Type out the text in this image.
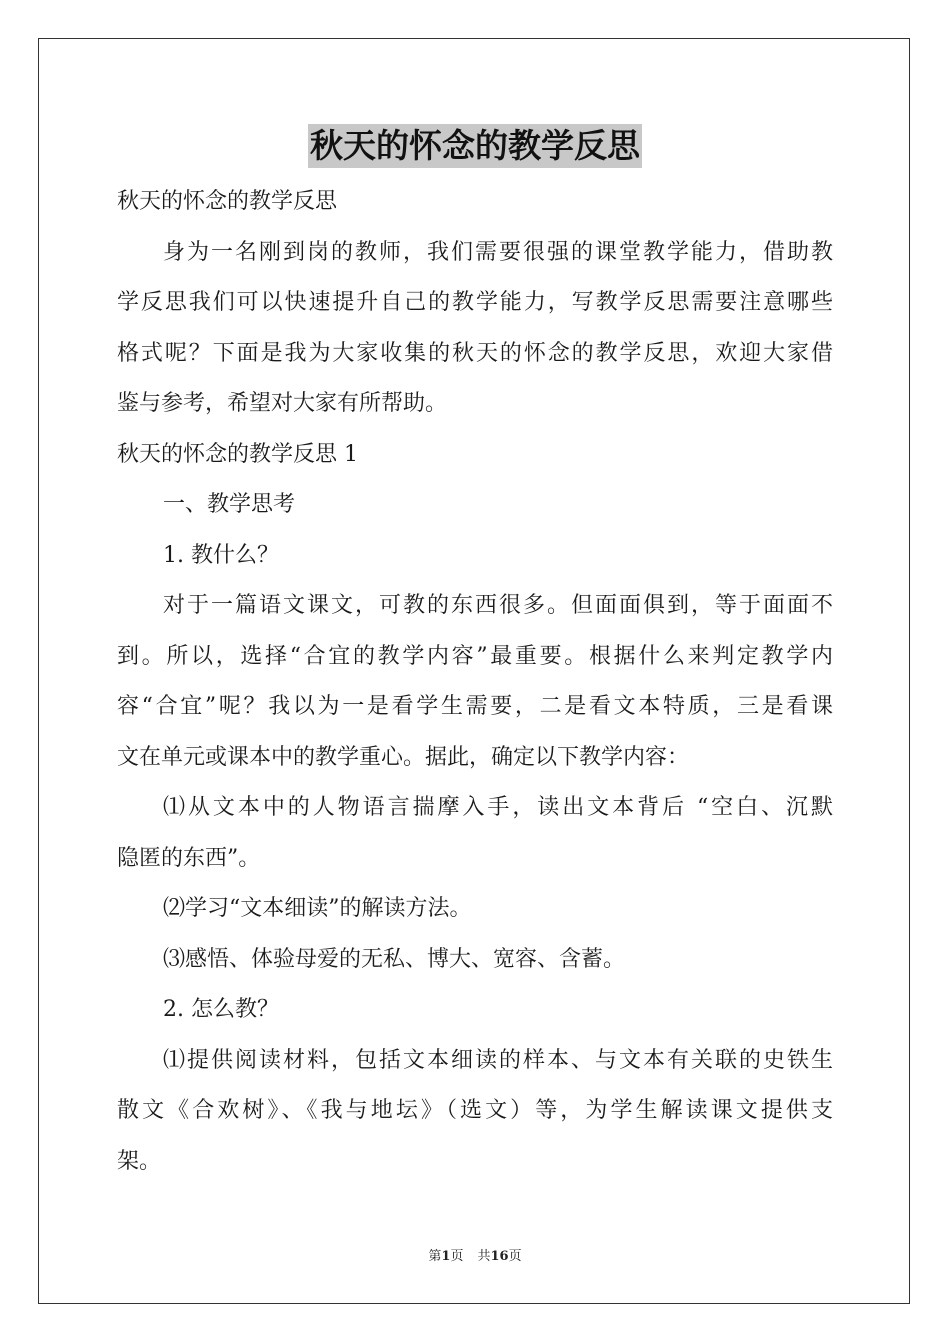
秋天的怀念的教学反思
秋天的怀念的教学反思
身为一名刚到岗的教师，我们需要很强的课堂教学能力，借助教
学反思我们可以快速提升自己的教学能力，写教学反思需要注意哪些
格式呢？下面是我为大家收集的秋天的怀念的教学反思，欢迎大家借
鉴与参考，希望对大家有所帮助。
秋天的怀念的教学反思 1
一、教学思考
1. 教什么？
对于一篇语文课文，可教的东西很多。但面面俱到，等于面面不
到。所以，选择“合宜的教学内容”最重要。根据什么来判定教学内
容“合宜”呢？我以为一是看学生需要，二是看文本特质，三是看课
文在单元或课本中的教学重心。据此，确定以下教学内容：
⑴从文本中的人物语言揣摩入手，读出文本背后 “空白、沉默
隐匿的东西”。
⑵学习“文本细读”的解读方法。
⑶感悟、体验母爱的无私、博大、宽容、含蓄。
2. 怎么教？
⑴提供阅读材料，包括文本细读的样本、与文本有关联的史铁生
散文《合欢树》、《我与地坛》（选文）等，为学生解读课文提供支
架。
第1页 共16页
